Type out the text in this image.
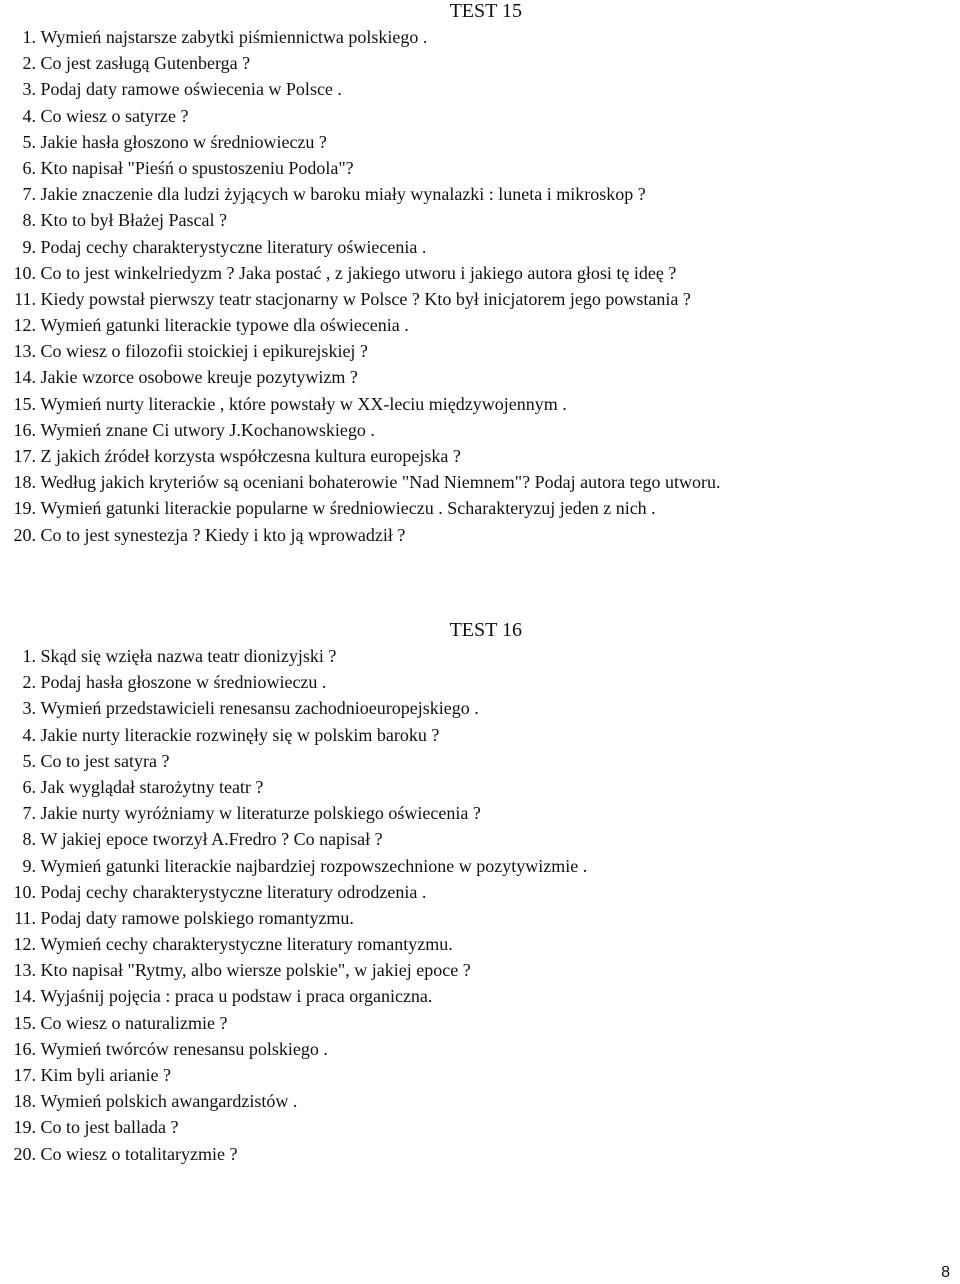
TEST 15
1.
Wymień najstarsze zabytki piśmiennictwa polskiego .
2.
Co jest zasługą Gutenberga ?
3.
Podaj daty ramowe oświecenia w Polsce .
4.
Co wiesz o satyrze ?
5.
Jakie hasła głoszono w średniowieczu ?
6.
Kto napisał "Pieśń o spustoszeniu Podola"?
7.
Jakie znaczenie dla ludzi żyjących w baroku miały wynalazki : luneta i mikroskop ?
8.
Kto to był Błażej Pascal ?
9.
Podaj cechy charakterystyczne literatury oświecenia .
10.
Co to jest winkelriedyzm ? Jaka postać , z jakiego utworu i jakiego autora głosi tę ideę ?
11.
Kiedy powstał pierwszy teatr stacjonarny w Polsce ? Kto był inicjatorem jego powstania ?
12.
Wymień gatunki literackie typowe dla oświecenia .
13.
Co wiesz o filozofii stoickiej i epikurejskiej ?
14.
Jakie wzorce osobowe kreuje pozytywizm ?
15.
Wymień nurty literackie , które powstały w XX-leciu międzywojennym .
16.
Wymień znane Ci utwory J.Kochanowskiego .
17.
Z jakich źródeł korzysta współczesna kultura europejska ?
18.
Według jakich kryteriów są oceniani bohaterowie "Nad Niemnem"? Podaj autora tego utworu.
19.
Wymień gatunki literackie popularne w średniowieczu . Scharakteryzuj jeden z nich .
20.
Co to jest synestezja ? Kiedy i kto ją wprowadził ?
TEST 16
1.
Skąd się wzięła nazwa teatr dionizyjski ?
2.
Podaj hasła głoszone w średniowieczu .
3.
Wymień przedstawicieli renesansu zachodnioeuropejskiego .
4.
Jakie nurty literackie rozwinęły się w polskim baroku ?
5.
Co to jest satyra ?
6.
Jak wyglądał starożytny teatr ?
7.
Jakie nurty wyróżniamy w literaturze polskiego oświecenia ?
8.
W jakiej epoce tworzył A.Fredro ? Co napisał ?
9.
Wymień gatunki literackie najbardziej rozpowszechnione w pozytywizmie .
10.
Podaj cechy charakterystyczne literatury odrodzenia .
11.
Podaj daty ramowe polskiego romantyzmu.
12.
Wymień cechy charakterystyczne literatury romantyzmu.
13.
Kto napisał "Rytmy, albo wiersze polskie", w jakiej epoce ?
14.
Wyjaśnij pojęcia : praca u podstaw i praca organiczna.
15.
Co wiesz o naturalizmie ?
16.
Wymień twórców renesansu polskiego .
17.
Kim byli arianie ?
18.
Wymień polskich awangardzistów .
19.
Co to jest ballada ?
20.
Co wiesz o totalitaryzmie ?
8
